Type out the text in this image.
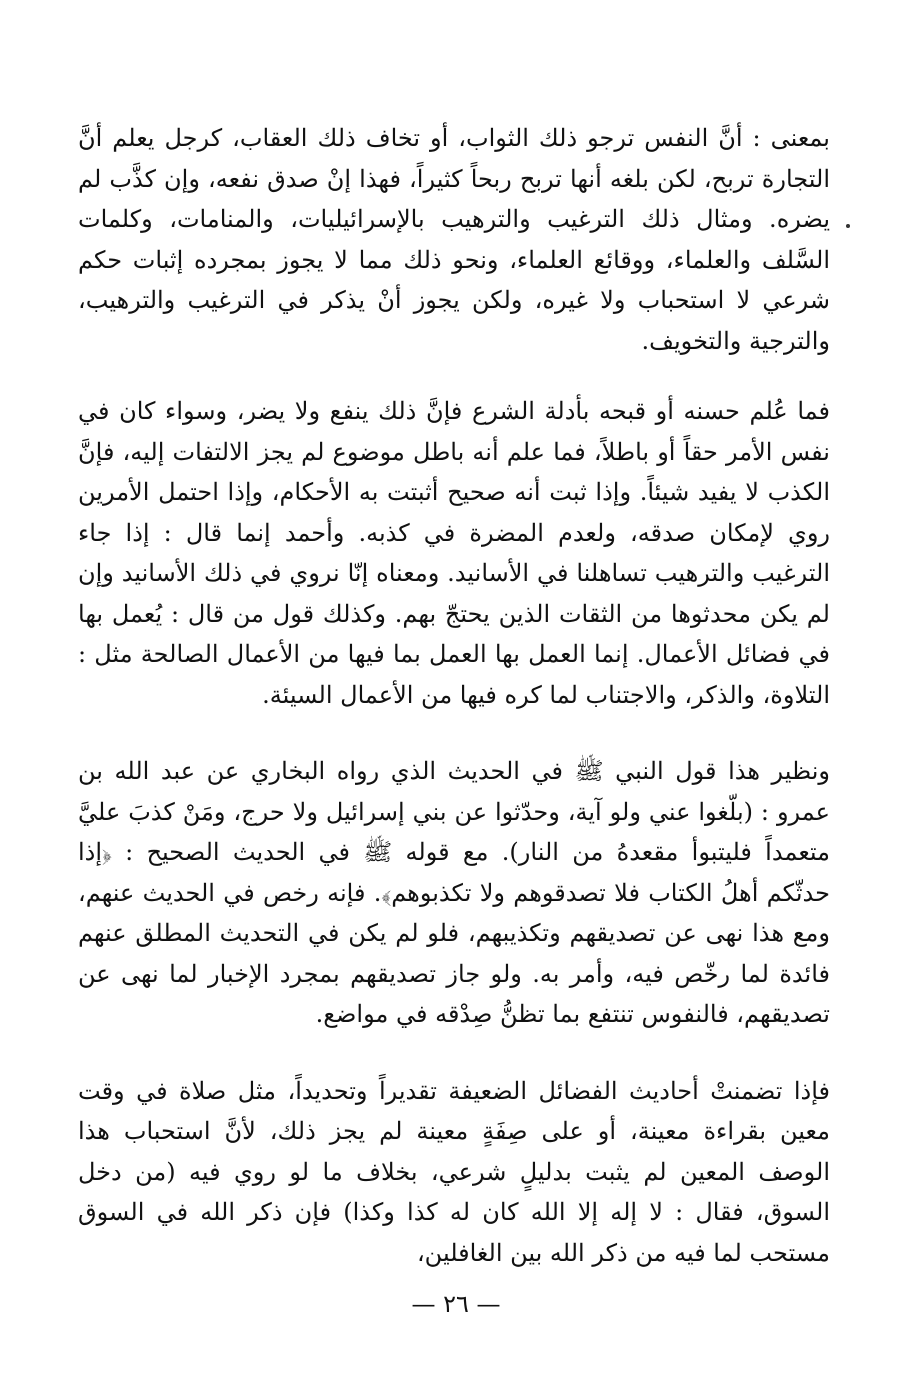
بمعنى : أنَّ النفس ترجو ذلك الثواب، أو تخاف ذلك العقاب، كرجل يعلم أنَّ التجارة تربح، لكن بلغه أنها تربح ربحاً كثيراً، فهذا إنْ صدق نفعه، وإن كذَّب لم يضره. ومثال ذلك الترغيب والترهيب بالإسرائيليات، والمنامات، وكلمات السَّلف والعلماء، ووقائع العلماء، ونحو ذلك مما لا يجوز بمجرده إثبات حكم شرعي لا استحباب ولا غيره، ولكن يجوز أنْ يذكر في الترغيب والترهيب، والترجية والتخويف.

فما عُلم حسنه أو قبحه بأدلة الشرع فإنَّ ذلك ينفع ولا يضر، وسواء كان في نفس الأمر حقاً أو باطلاً، فما علم أنه باطل موضوع لم يجز الالتفات إليه، فإنَّ الكذب لا يفيد شيئاً. وإذا ثبت أنه صحيح أثبتت به الأحكام، وإذا احتمل الأمرين روي لإمكان صدقه، ولعدم المضرة في كذبه. وأحمد إنما قال : إذا جاء الترغيب والترهيب تساهلنا في الأسانيد. ومعناه إنّا نروي في ذلك الأسانيد وإن لم يكن محدثوها من الثقات الذين يحتجّ بهم. وكذلك قول من قال : يُعمل بها في فضائل الأعمال. إنما العمل بها العمل بما فيها من الأعمال الصالحة مثل : التلاوة، والذكر، والاجتناب لما كره فيها من الأعمال السيئة.

ونظير هذا قول النبي ﷺ في الحديث الذي رواه البخاري عن عبد الله بن عمرو : (بلّغوا عني ولو آية، وحدّثوا عن بني إسرائيل ولا حرج، ومَنْ كذبَ عليَّ متعمداً فليتبوأ مقعدهُ من النار). مع قوله ﷺ في الحديث الصحيح : ﴿إذا حدثّكم أهلُ الكتاب فلا تصدقوهم ولا تكذبوهم﴾. فإنه رخص في الحديث عنهم، ومع هذا نهى عن تصديقهم وتكذيبهم، فلو لم يكن في التحديث المطلق عنهم فائدة لما رخّص فيه، وأمر به. ولو جاز تصديقهم بمجرد الإخبار لما نهى عن تصديقهم، فالنفوس تنتفع بما تظنُّ صِدْقه في مواضع.

فإذا تضمنتْ أحاديث الفضائل الضعيفة تقديراً وتحديداً، مثل صلاة في وقت معين بقراءة معينة، أو على صِفَةٍ معينة لم يجز ذلك، لأنَّ استحباب هذا الوصف المعين لم يثبت بدليلٍ شرعي، بخلاف ما لو روي فيه (من دخل السوق، فقال : لا إله إلا الله كان له كذا وكذا) فإن ذكر الله في السوق مستحب لما فيه من ذكر الله بين الغافلين،

— ٢٦ —
